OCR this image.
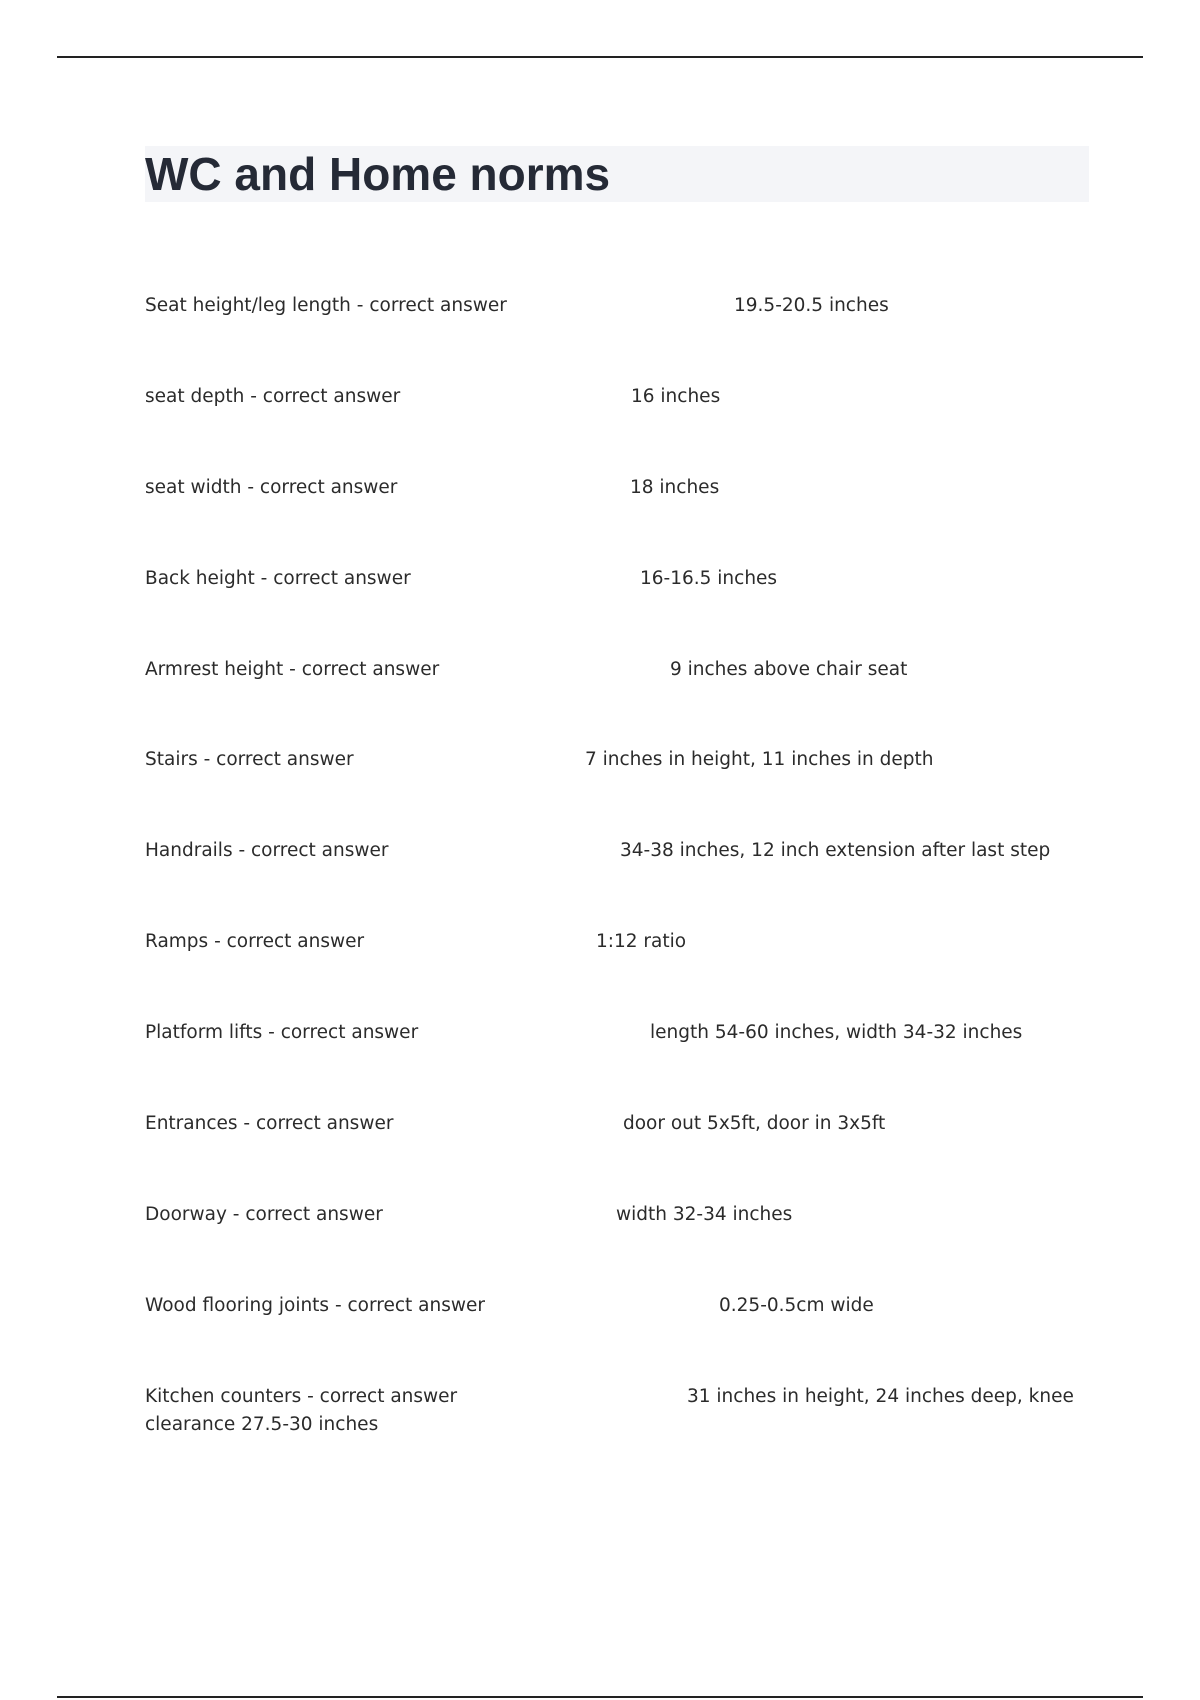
WC and Home norms
Seat height/leg length - correct answer	19.5-20.5 inches
seat depth - correct answer	16 inches
seat width - correct answer	18 inches
Back height - correct answer	16-16.5 inches
Armrest height - correct answer	9 inches above chair seat
Stairs - correct answer	7 inches in height, 11 inches in depth
Handrails - correct answer	34-38 inches, 12 inch extension after last step
Ramps - correct answer	1:12 ratio
Platform lifts - correct answer	length 54-60 inches, width 34-32 inches
Entrances - correct answer	door out 5x5ft, door in 3x5ft
Doorway - correct answer	width 32-34 inches
Wood flooring joints - correct answer	0.25-0.5cm wide
Kitchen counters - correct answer	31 inches in height, 24 inches deep, knee
clearance 27.5-30 inches
